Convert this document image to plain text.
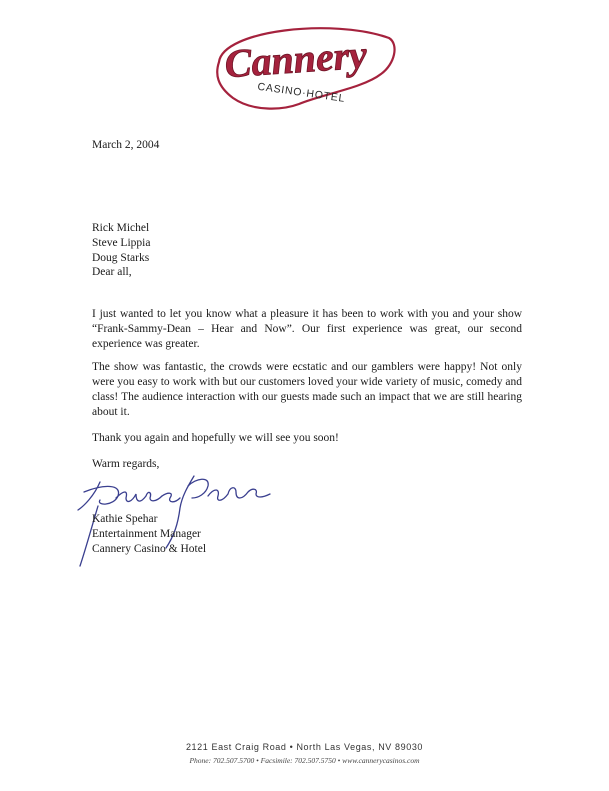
Cannery
CASINO·HOTEL

March 2, 2004

Rick Michel
Steve Lippia
Doug Starks

Dear all,

I just wanted to let you know what a pleasure it has been to work with you and your show “Frank-Sammy-Dean – Hear and Now”. Our first experience was great, our second experience was greater.

The show was fantastic, the crowds were ecstatic and our gamblers were happy! Not only were you easy to work with but our customers loved your wide variety of music, comedy and class! The audience interaction with our guests made such an impact that we are still hearing about it.

Thank you again and hopefully we will see you soon!

Warm regards,

Kathie Spehar
Entertainment Manager
Cannery Casino & Hotel
2121 East Craig Road • North Las Vegas, NV 89030
Phone: 702.507.5700 • Facsimile: 702.507.5750 • www.cannerycasinos.com
